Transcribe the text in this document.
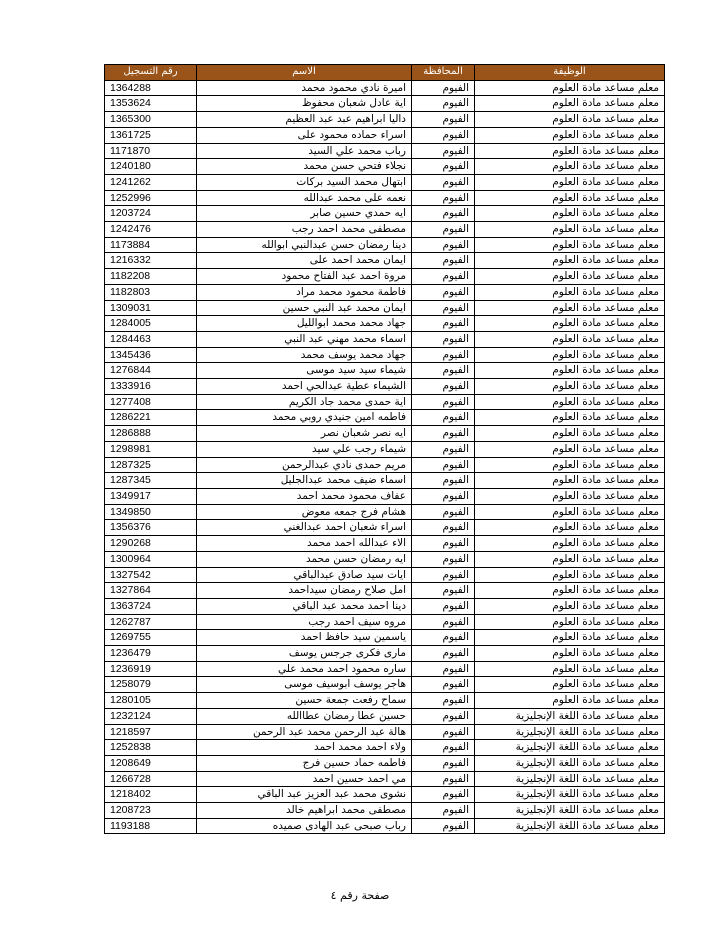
رقم التسجيل	الاسم	المحافظة	الوظيفة
1364288	اميرة نادي محمود محمد	الفيوم	معلم مساعد مادة العلوم
1353624	اية عادل شعبان محفوظ	الفيوم	معلم مساعد مادة العلوم
1365300	داليا ابراهيم عبد عبد العظيم	الفيوم	معلم مساعد مادة العلوم
1361725	اسراء حماده محمود على	الفيوم	معلم مساعد مادة العلوم
1171870	رباب محمد علي السيد	الفيوم	معلم مساعد مادة العلوم
1240180	نجلاء فتحي حسن محمد	الفيوم	معلم مساعد مادة العلوم
1241262	ابتهال محمد السيد بركات	الفيوم	معلم مساعد مادة العلوم
1252996	نعمه على محمد عبدالله	الفيوم	معلم مساعد مادة العلوم
1203724	ايه حمدي حسين صابر	الفيوم	معلم مساعد مادة العلوم
1242476	مصطفى محمد احمد رجب	الفيوم	معلم مساعد مادة العلوم
1173884	دينا رمضان حسن عبدالنبي ابوالله	الفيوم	معلم مساعد مادة العلوم
1216332	ايمان محمد احمد على	الفيوم	معلم مساعد مادة العلوم
1182208	مروة احمد عبد الفتاح محمود	الفيوم	معلم مساعد مادة العلوم
1182803	فاطمة محمود محمد مراد	الفيوم	معلم مساعد مادة العلوم
1309031	ايمان محمد عبد النبي حسين	الفيوم	معلم مساعد مادة العلوم
1284005	جهاد محمد محمد ابوالليل	الفيوم	معلم مساعد مادة العلوم
1284463	اسماء محمد مهني عبد النبي	الفيوم	معلم مساعد مادة العلوم
1345436	جهاد محمد يوسف محمد	الفيوم	معلم مساعد مادة العلوم
1276844	شيماء سيد سيد موسى	الفيوم	معلم مساعد مادة العلوم
1333916	الشيماء عطية عبدالحي احمد	الفيوم	معلم مساعد مادة العلوم
1277408	اية حمدى محمد جاد الكريم	الفيوم	معلم مساعد مادة العلوم
1286221	فاطمه امين جنيدي روبي محمد	الفيوم	معلم مساعد مادة العلوم
1286888	ايه نصر شعبان نصر	الفيوم	معلم مساعد مادة العلوم
1298981	شيماء رجب علي سيد	الفيوم	معلم مساعد مادة العلوم
1287325	مريم حمدى نادي عبدالرحمن	الفيوم	معلم مساعد مادة العلوم
1287345	اسماء ضيف محمد عبدالجليل	الفيوم	معلم مساعد مادة العلوم
1349917	عفاف محمود محمد احمد	الفيوم	معلم مساعد مادة العلوم
1349850	هشام فرج جمعه معوض	الفيوم	معلم مساعد مادة العلوم
1356376	اسراء شعبان احمد عبدالغني	الفيوم	معلم مساعد مادة العلوم
1290268	الاء عبدالله احمد محمد	الفيوم	معلم مساعد مادة العلوم
1300964	ايه رمضان حسن محمد	الفيوم	معلم مساعد مادة العلوم
1327542	ايات سيد صادق عبدالباقي	الفيوم	معلم مساعد مادة العلوم
1327864	امل صلاح رمضان سيداحمد	الفيوم	معلم مساعد مادة العلوم
1363724	دينا احمد محمد عبد الباقي	الفيوم	معلم مساعد مادة العلوم
1262787	مروه سيف احمد رجب	الفيوم	معلم مساعد مادة العلوم
1269755	ياسمين سيد حافظ احمد	الفيوم	معلم مساعد مادة العلوم
1236479	مارى فكرى جرجس يوسف	الفيوم	معلم مساعد مادة العلوم
1236919	ساره محمود احمد محمد علي	الفيوم	معلم مساعد مادة العلوم
1258079	هاجر يوسف ابوسيف موسى	الفيوم	معلم مساعد مادة العلوم
1280105	سماح رفعت جمعة حسين	الفيوم	معلم مساعد مادة العلوم
1232124	حسين عطا رمضان عطاالله	الفيوم	معلم مساعد مادة اللغة الإنجليزية
1218597	هالة عبد الرحمن محمد عبد الرحمن	الفيوم	معلم مساعد مادة اللغة الإنجليزية
1252838	ولاء احمد محمد احمد	الفيوم	معلم مساعد مادة اللغة الإنجليزية
1208649	فاطمه حماد حسين فرج	الفيوم	معلم مساعد مادة اللغة الإنجليزية
1266728	مي احمد حسين احمد	الفيوم	معلم مساعد مادة اللغة الإنجليزية
1218402	نشوى محمد عبد العزيز عبد الباقي	الفيوم	معلم مساعد مادة اللغة الإنجليزية
1208723	مصطفى محمد ابراهيم خالد	الفيوم	معلم مساعد مادة اللغة الإنجليزية
1193188	رباب صبحى عبد الهادى صميده	الفيوم	معلم مساعد مادة اللغة الإنجليزية
صفحة رقم ٤
